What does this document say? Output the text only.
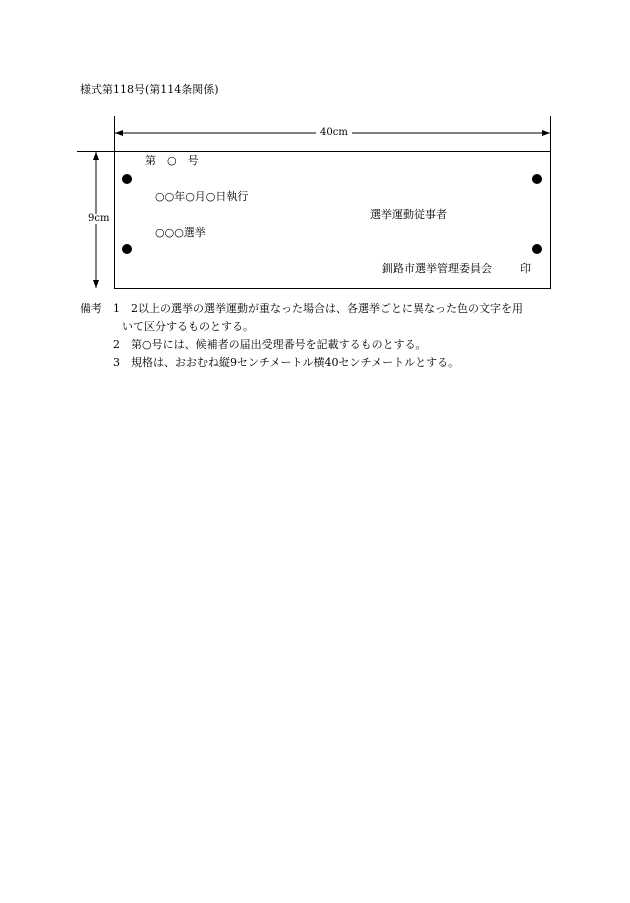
様式第118号(第114条関係)
40cm
9cm
第　○　号
○○年○月○日執行
選挙運動従事者
○○○選挙
釧路市選挙管理委員会	印
備考 1 2以上の選挙の選挙運動が重なった場合は、各選挙ごとに異なった色の文字を用
いて区分するものとする。
2 第○号には、候補者の届出受理番号を記載するものとする。
3 規格は、おおむね縦9センチメートル横40センチメートルとする。
